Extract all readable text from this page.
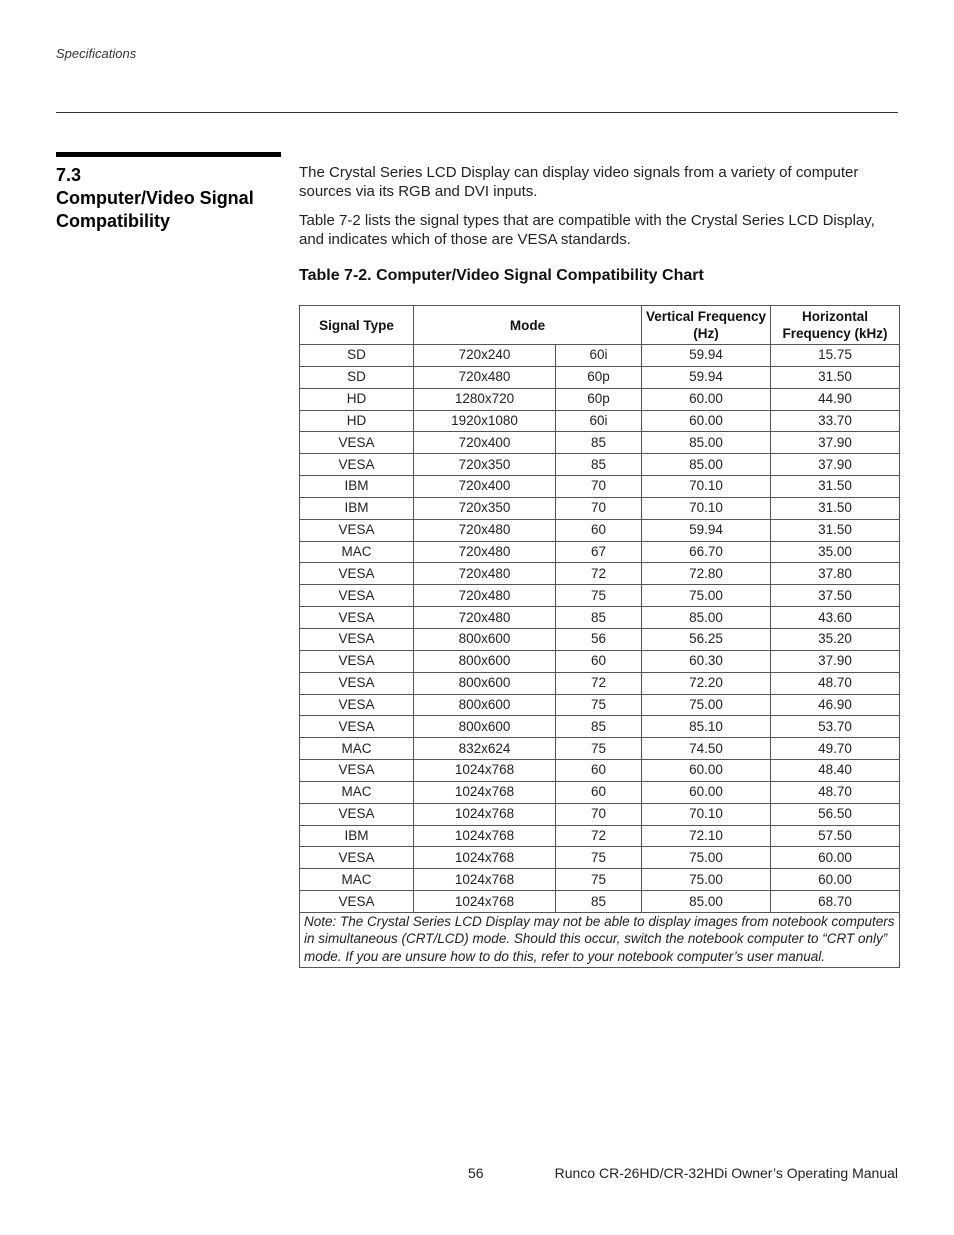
Specifications
7.3
Computer/Video Signal Compatibility

The Crystal Series LCD Display can display video signals from a variety of computer sources via its RGB and DVI inputs.

Table 7-2 lists the signal types that are compatible with the Crystal Series LCD Display, and indicates which of those are VESA standards.

Table 7-2. Computer/Video Signal Compatibility Chart
Signal Type	Mode		Vertical Frequency (Hz)	Horizontal Frequency (kHz)
SD	720x240	60i	59.94	15.75
SD	720x480	60p	59.94	31.50
HD	1280x720	60p	60.00	44.90
HD	1920x1080	60i	60.00	33.70
VESA	720x400	85	85.00	37.90
VESA	720x350	85	85.00	37.90
IBM	720x400	70	70.10	31.50
IBM	720x350	70	70.10	31.50
VESA	720x480	60	59.94	31.50
MAC	720x480	67	66.70	35.00
VESA	720x480	72	72.80	37.80
VESA	720x480	75	75.00	37.50
VESA	720x480	85	85.00	43.60
VESA	800x600	56	56.25	35.20
VESA	800x600	60	60.30	37.90
VESA	800x600	72	72.20	48.70
VESA	800x600	75	75.00	46.90
VESA	800x600	85	85.10	53.70
MAC	832x624	75	74.50	49.70
VESA	1024x768	60	60.00	48.40
MAC	1024x768	60	60.00	48.70
VESA	1024x768	70	70.10	56.50
IBM	1024x768	72	72.10	57.50
VESA	1024x768	75	75.00	60.00
MAC	1024x768	75	75.00	60.00
VESA	1024x768	85	85.00	68.70
Note: The Crystal Series LCD Display may not be able to display images from notebook computers in simultaneous (CRT/LCD) mode. Should this occur, switch the notebook computer to “CRT only” mode. If you are unsure how to do this, refer to your notebook computer’s user manual.				
56	Runco CR-26HD/CR-32HDi Owner’s Operating Manual
